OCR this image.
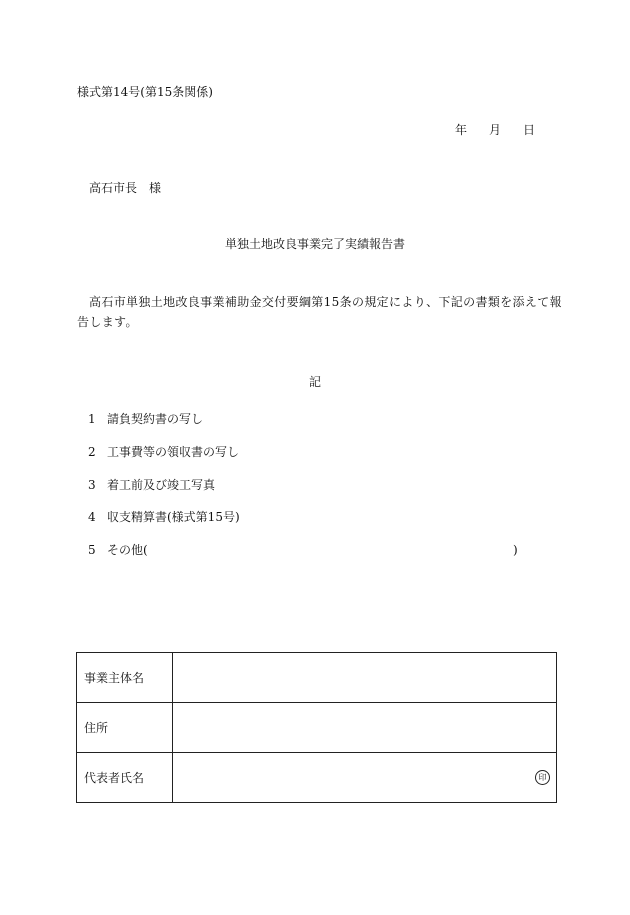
様式第14号(第15条関係)
年 月 日
高石市長 様
単独土地改良事業完了実績報告書
高石市単独土地改良事業補助金交付要綱第15条の規定により、下記の書類を添えて報告します。
記
1 請負契約書の写し
2 工事費等の領収書の写し
3 着工前及び竣工写真
4 収支精算書(様式第15号)
5 その他(	)
事業主体名	
住所	
代表者氏名	印
